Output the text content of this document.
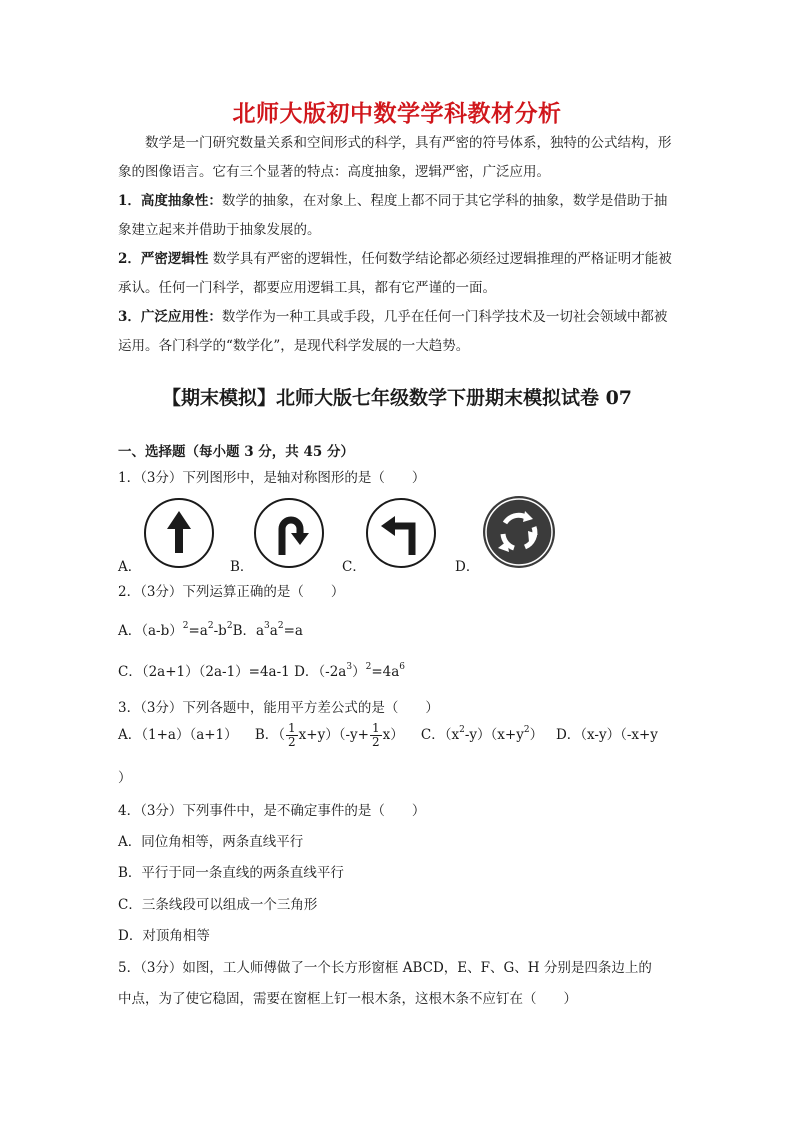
北师大版初中数学学科教材分析
数学是一门研究数量关系和空间形式的科学，具有严密的符号体系，独特的公式结构，形象的图像语言。它有三个显著的特点：高度抽象，逻辑严密，广泛应用。
1．高度抽象性：数学的抽象，在对象上、程度上都不同于其它学科的抽象，数学是借助于抽象建立起来并借助于抽象发展的。
2．严密逻辑性 数学具有严密的逻辑性，任何数学结论都必须经过逻辑推理的严格证明才能被承认。任何一门科学，都要应用逻辑工具，都有它严谨的一面。
3．广泛应用性：数学作为一种工具或手段，几乎在任何一门科学技术及一切社会领域中都被运用。各门科学的“数学化”，是现代科学发展的一大趋势。
【期末模拟】北师大版七年级数学下册期末模拟试卷 07
一、选择题（每小题 3 分，共 45 分）
1．（3分）下列图形中，是轴对称图形的是（　　）
A．	B．	C．	D．
2．（3分）下列运算正确的是（　　）
A．$(a-b)^2=a^2-b^2B$．$a^3a^2=a$
C．（2a+1）（2a-1）=4a-1 D．$(-2a^3)^2=4a^6$
3．（3分）下列各题中，能用平方差公式的是（　　）
A．（1+a）（a+1） B．（ $\frac{1}{2} x+y)(-y+ \frac{1}{2} x)$ C．$(x^2-y)(x+y^2)$ D．（x-y）（-x+y
）
4．（3分）下列事件中，是不确定事件的是（　　）
A．同位角相等，两条直线平行
B．平行于同一条直线的两条直线平行
C．三条线段可以组成一个三角形
D．对顶角相等
5．（3分）如图，工人师傅做了一个长方形窗框 ABCD，E、F、G、H 分别是四条边上的
中点，为了使它稳固，需要在窗框上钉一根木条，这根木条不应钉在（　　）
